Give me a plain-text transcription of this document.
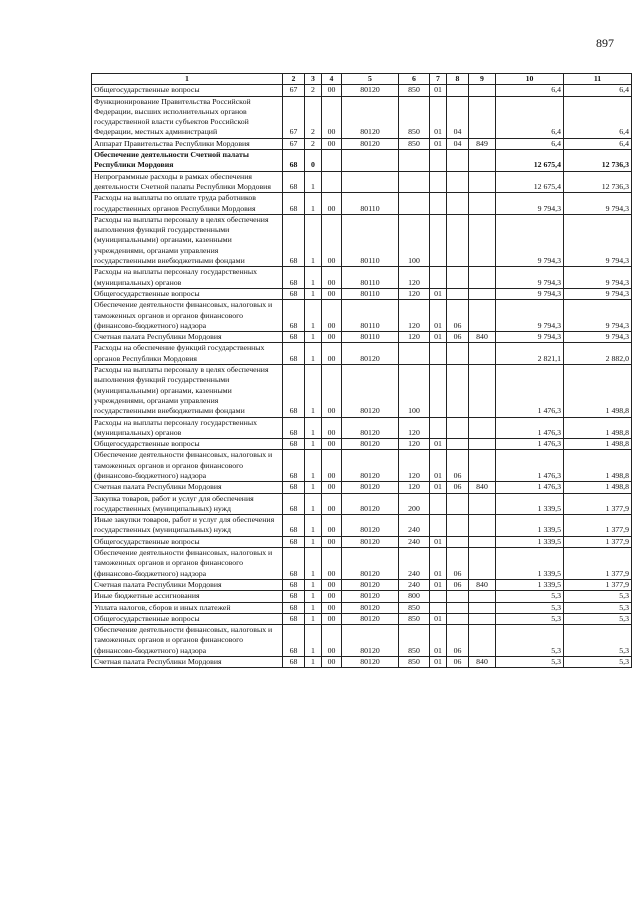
897
1	2	3	4	5	6	7	8	9	10	11
Общегосударственные вопросы	67	2	00	80120	850	01			6,4	6,4
Функционирование Правительства Российской Федерации, высших исполнительных органов государственной власти субъектов Российской Федерации, местных администраций	67	2	00	80120	850	01	04		6,4	6,4
Аппарат Правительства Республики Мордовия	67	2	00	80120	850	01	04	849	6,4	6,4
Обеспечение деятельности Счетной палаты Республики Мордовия	68	0							12 675,4	12 736,3
Непрограммные расходы в рамках обеспечения деятельности Счетной палаты Республики Мордовия	68	1							12 675,4	12 736,3
Расходы на выплаты по оплате труда работников государственных органов Республики Мордовия	68	1	00	80110					9 794,3	9 794,3
Расходы на выплаты персоналу в целях обеспечения выполнения функций государственными (муниципальными) органами, казенными учреждениями, органами управления государственными внебюджетными фондами	68	1	00	80110	100				9 794,3	9 794,3
Расходы на выплаты персоналу государственных (муниципальных) органов	68	1	00	80110	120				9 794,3	9 794,3
Общегосударственные вопросы	68	1	00	80110	120	01			9 794,3	9 794,3
Обеспечение деятельности финансовых, налоговых и таможенных органов и органов финансового (финансово-бюджетного) надзора	68	1	00	80110	120	01	06		9 794,3	9 794,3
Счетная палата Республики Мордовия	68	1	00	80110	120	01	06	840	9 794,3	9 794,3
Расходы на обеспечение функций государственных органов Республики Мордовия	68	1	00	80120					2 821,1	2 882,0
Расходы на выплаты персоналу в целях обеспечения выполнения функций государственными (муниципальными) органами, казенными учреждениями, органами управления государственными внебюджетными фондами	68	1	00	80120	100				1 476,3	1 498,8
Расходы на выплаты персоналу государственных (муниципальных) органов	68	1	00	80120	120				1 476,3	1 498,8
Общегосударственные вопросы	68	1	00	80120	120	01			1 476,3	1 498,8
Обеспечение деятельности финансовых, налоговых и таможенных органов и органов финансового (финансово-бюджетного) надзора	68	1	00	80120	120	01	06		1 476,3	1 498,8
Счетная палата Республики Мордовия	68	1	00	80120	120	01	06	840	1 476,3	1 498,8
Закупка товаров, работ и услуг для обеспечения государственных (муниципальных) нужд	68	1	00	80120	200				1 339,5	1 377,9
Иные закупки товаров, работ и услуг для обеспечения государственных (муниципальных) нужд	68	1	00	80120	240				1 339,5	1 377,9
Общегосударственные вопросы	68	1	00	80120	240	01			1 339,5	1 377,9
Обеспечение деятельности финансовых, налоговых и таможенных органов и органов финансового (финансово-бюджетного) надзора	68	1	00	80120	240	01	06		1 339,5	1 377,9
Счетная палата Республики Мордовия	68	1	00	80120	240	01	06	840	1 339,5	1 377,9
Иные бюджетные ассигнования	68	1	00	80120	800				5,3	5,3
Уплата налогов, сборов и иных платежей	68	1	00	80120	850				5,3	5,3
Общегосударственные вопросы	68	1	00	80120	850	01			5,3	5,3
Обеспечение деятельности финансовых, налоговых и таможенных органов и органов финансового (финансово-бюджетного) надзора	68	1	00	80120	850	01	06		5,3	5,3
Счетная палата Республики Мордовия	68	1	00	80120	850	01	06	840	5,3	5,3
